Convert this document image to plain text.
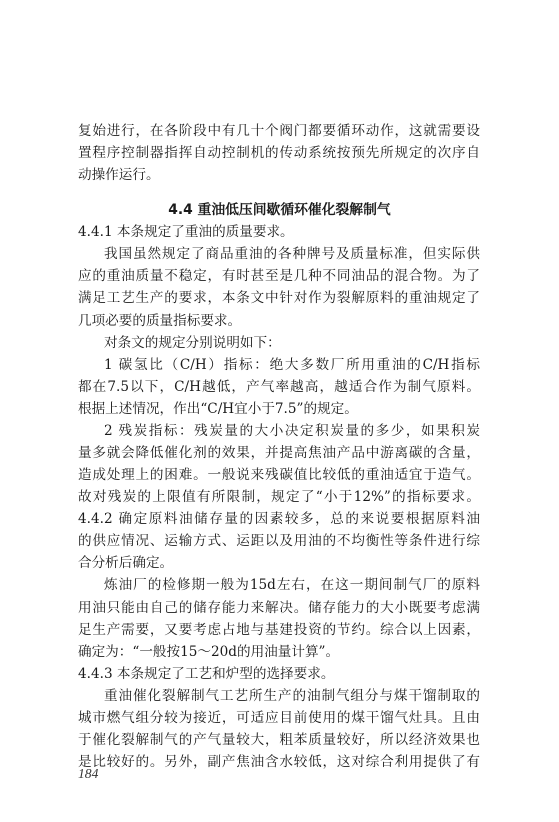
4.4 重油低压间歇循环催化裂解制气
复始进行，在各阶段中有几十个阀门都要循环动作，这就需要设
置程序控制器指挥自动控制机的传动系统按预先所规定的次序自
动操作运行。
4.4.1 本条规定了重油的质量要求。
我国虽然规定了商品重油的各种牌号及质量标准，但实际供
应的重油质量不稳定，有时甚至是几种不同油品的混合物。为了
满足工艺生产的要求，本条文中针对作为裂解原料的重油规定了
几项必要的质量指标要求。
对条文的规定分别说明如下：
1 碳氢比（C/H）指标：绝大多数厂所用重油的C/H指标
都在7.5以下，C/H越低，产气率越高，越适合作为制气原料。
根据上述情况，作出“C/H宜小于7.5”的规定。
2 残炭指标：残炭量的大小决定积炭量的多少，如果积炭
量多就会降低催化剂的效果，并提高焦油产品中游离碳的含量，
造成处理上的困难。一般说来残碳值比较低的重油适宜于造气。
故对残炭的上限值有所限制，规定了“小于12%”的指标要求。
4.4.2 确定原料油储存量的因素较多，总的来说要根据原料油
的供应情况、运输方式、运距以及用油的不均衡性等条件进行综
合分析后确定。
炼油厂的检修期一般为15d左右，在这一期间制气厂的原料
用油只能由自己的储存能力来解决。储存能力的大小既要考虑满
足生产需要，又要考虑占地与基建投资的节约。综合以上因素，
确定为：“一般按15～20d的用油量计算”。
4.4.3 本条规定了工艺和炉型的选择要求。
重油催化裂解制气工艺所生产的油制气组分与煤干馏制取的
城市燃气组分较为接近，可适应目前使用的煤干馏气灶具。且由
于催化裂解制气的产气量较大，粗苯质量较好，所以经济效果也
是比较好的。另外，副产焦油含水较低，这对综合利用提供了有
184
